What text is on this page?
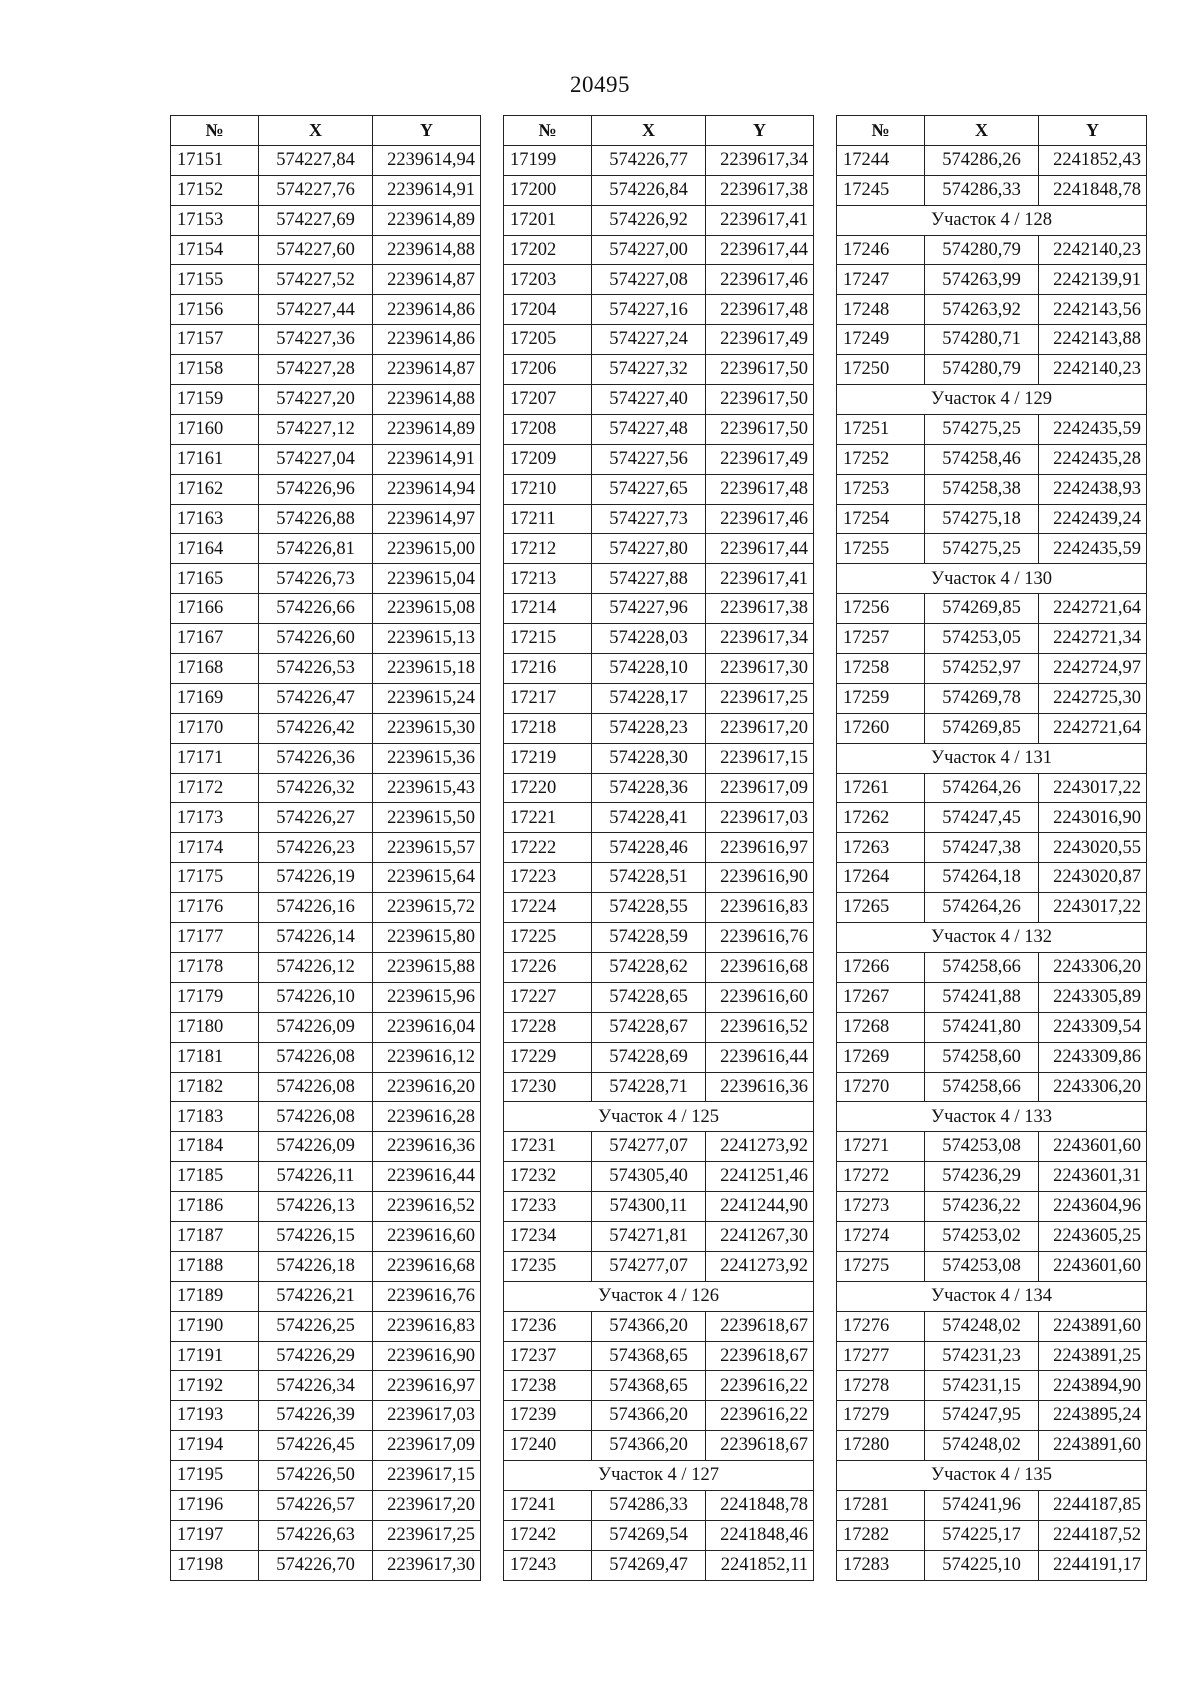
20495
№	X	Y
17151	574227,84	2239614,94
17152	574227,76	2239614,91
17153	574227,69	2239614,89
17154	574227,60	2239614,88
17155	574227,52	2239614,87
17156	574227,44	2239614,86
17157	574227,36	2239614,86
17158	574227,28	2239614,87
17159	574227,20	2239614,88
17160	574227,12	2239614,89
17161	574227,04	2239614,91
17162	574226,96	2239614,94
17163	574226,88	2239614,97
17164	574226,81	2239615,00
17165	574226,73	2239615,04
17166	574226,66	2239615,08
17167	574226,60	2239615,13
17168	574226,53	2239615,18
17169	574226,47	2239615,24
17170	574226,42	2239615,30
17171	574226,36	2239615,36
17172	574226,32	2239615,43
17173	574226,27	2239615,50
17174	574226,23	2239615,57
17175	574226,19	2239615,64
17176	574226,16	2239615,72
17177	574226,14	2239615,80
17178	574226,12	2239615,88
17179	574226,10	2239615,96
17180	574226,09	2239616,04
17181	574226,08	2239616,12
17182	574226,08	2239616,20
17183	574226,08	2239616,28
17184	574226,09	2239616,36
17185	574226,11	2239616,44
17186	574226,13	2239616,52
17187	574226,15	2239616,60
17188	574226,18	2239616,68
17189	574226,21	2239616,76
17190	574226,25	2239616,83
17191	574226,29	2239616,90
17192	574226,34	2239616,97
17193	574226,39	2239617,03
17194	574226,45	2239617,09
17195	574226,50	2239617,15
17196	574226,57	2239617,20
17197	574226,63	2239617,25
17198	574226,70	2239617,30
№	X	Y
17199	574226,77	2239617,34
17200	574226,84	2239617,38
17201	574226,92	2239617,41
17202	574227,00	2239617,44
17203	574227,08	2239617,46
17204	574227,16	2239617,48
17205	574227,24	2239617,49
17206	574227,32	2239617,50
17207	574227,40	2239617,50
17208	574227,48	2239617,50
17209	574227,56	2239617,49
17210	574227,65	2239617,48
17211	574227,73	2239617,46
17212	574227,80	2239617,44
17213	574227,88	2239617,41
17214	574227,96	2239617,38
17215	574228,03	2239617,34
17216	574228,10	2239617,30
17217	574228,17	2239617,25
17218	574228,23	2239617,20
17219	574228,30	2239617,15
17220	574228,36	2239617,09
17221	574228,41	2239617,03
17222	574228,46	2239616,97
17223	574228,51	2239616,90
17224	574228,55	2239616,83
17225	574228,59	2239616,76
17226	574228,62	2239616,68
17227	574228,65	2239616,60
17228	574228,67	2239616,52
17229	574228,69	2239616,44
17230	574228,71	2239616,36
Участок 4 / 125		
17231	574277,07	2241273,92
17232	574305,40	2241251,46
17233	574300,11	2241244,90
17234	574271,81	2241267,30
17235	574277,07	2241273,92
Участок 4 / 126		
17236	574366,20	2239618,67
17237	574368,65	2239618,67
17238	574368,65	2239616,22
17239	574366,20	2239616,22
17240	574366,20	2239618,67
Участок 4 / 127		
17241	574286,33	2241848,78
17242	574269,54	2241848,46
17243	574269,47	2241852,11
№	X	Y
17244	574286,26	2241852,43
17245	574286,33	2241848,78
Участок 4 / 128		
17246	574280,79	2242140,23
17247	574263,99	2242139,91
17248	574263,92	2242143,56
17249	574280,71	2242143,88
17250	574280,79	2242140,23
Участок 4 / 129		
17251	574275,25	2242435,59
17252	574258,46	2242435,28
17253	574258,38	2242438,93
17254	574275,18	2242439,24
17255	574275,25	2242435,59
Участок 4 / 130		
17256	574269,85	2242721,64
17257	574253,05	2242721,34
17258	574252,97	2242724,97
17259	574269,78	2242725,30
17260	574269,85	2242721,64
Участок 4 / 131		
17261	574264,26	2243017,22
17262	574247,45	2243016,90
17263	574247,38	2243020,55
17264	574264,18	2243020,87
17265	574264,26	2243017,22
Участок 4 / 132		
17266	574258,66	2243306,20
17267	574241,88	2243305,89
17268	574241,80	2243309,54
17269	574258,60	2243309,86
17270	574258,66	2243306,20
Участок 4 / 133		
17271	574253,08	2243601,60
17272	574236,29	2243601,31
17273	574236,22	2243604,96
17274	574253,02	2243605,25
17275	574253,08	2243601,60
Участок 4 / 134		
17276	574248,02	2243891,60
17277	574231,23	2243891,25
17278	574231,15	2243894,90
17279	574247,95	2243895,24
17280	574248,02	2243891,60
Участок 4 / 135		
17281	574241,96	2244187,85
17282	574225,17	2244187,52
17283	574225,10	2244191,17
